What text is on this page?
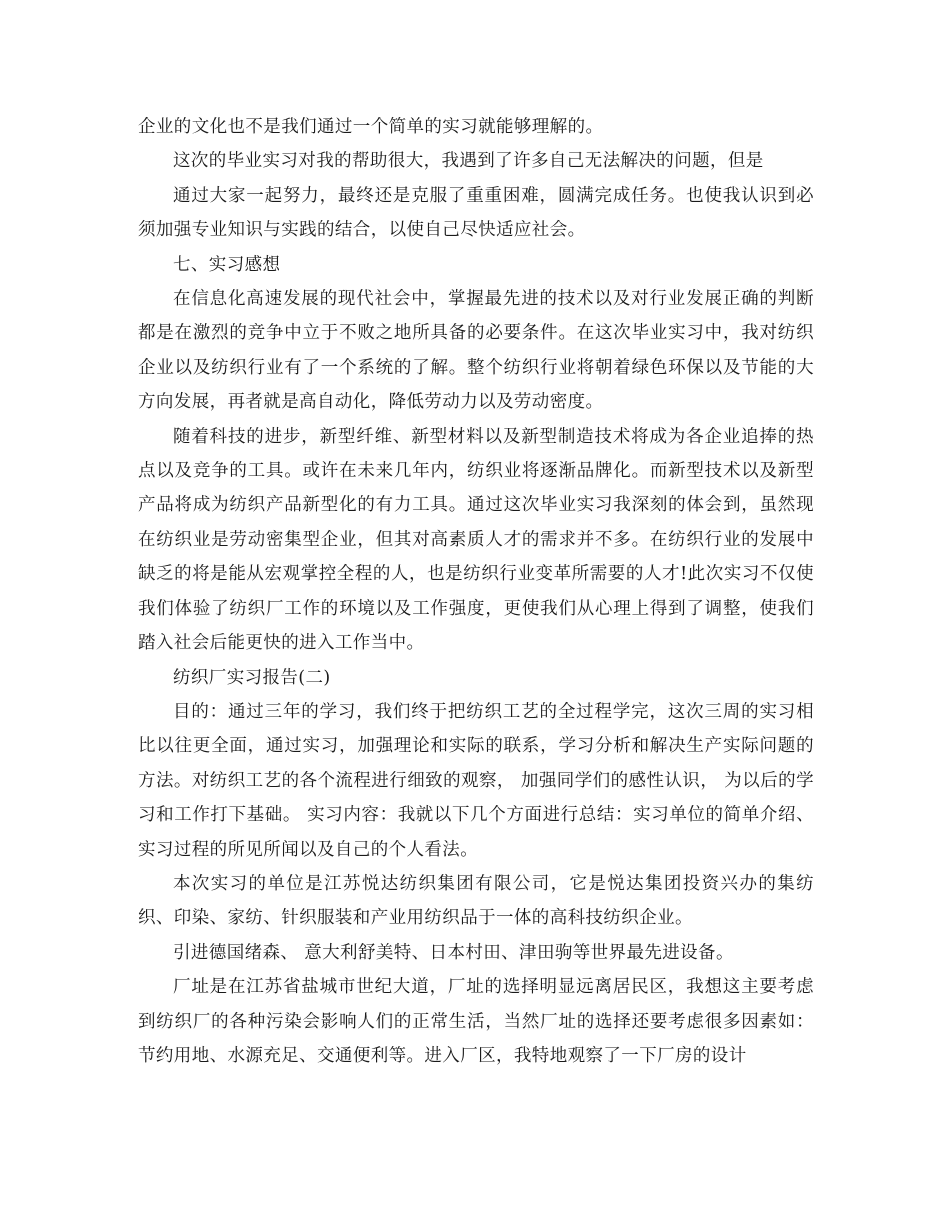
企业的文化也不是我们通过一个简单的实习就能够理解的。

这次的毕业实习对我的帮助很大，我遇到了许多自己无法解决的问题，但是

通过大家一起努力，最终还是克服了重重困难，圆满完成任务。也使我认识到必须加强专业知识与实践的结合，以使自己尽快适应社会。

七、实习感想

在信息化高速发展的现代社会中，掌握最先进的技术以及对行业发展正确的判断都是在激烈的竞争中立于不败之地所具备的必要条件。在这次毕业实习中，我对纺织企业以及纺织行业有了一个系统的了解。整个纺织行业将朝着绿色环保以及节能的大方向发展，再者就是高自动化，降低劳动力以及劳动密度。

随着科技的进步，新型纤维、新型材料以及新型制造技术将成为各企业追捧的热点以及竞争的工具。或许在未来几年内，纺织业将逐渐品牌化。而新型技术以及新型产品将成为纺织产品新型化的有力工具。通过这次毕业实习我深刻的体会到，虽然现在纺织业是劳动密集型企业，但其对高素质人才的需求并不多。在纺织行业的发展中缺乏的将是能从宏观掌控全程的人，也是纺织行业变革所需要的人才!此次实习不仅使我们体验了纺织厂工作的环境以及工作强度，更使我们从心理上得到了调整，使我们踏入社会后能更快的进入工作当中。

纺织厂实习报告(二)

目的：通过三年的学习，我们终于把纺织工艺的全过程学完，这次三周的实习相比以往更全面，通过实习，加强理论和实际的联系，学习分析和解决生产实际问题的方法。对纺织工艺的各个流程进行细致的观察， 加强同学们的感性认识， 为以后的学习和工作打下基础。 实习内容：我就以下几个方面进行总结：实习单位的简单介绍、实习过程的所见所闻以及自己的个人看法。

本次实习的单位是江苏悦达纺织集团有限公司，它是悦达集团投资兴办的集纺织、印染、家纺、针织服装和产业用纺织品于一体的高科技纺织企业。

引进德国绪森、 意大利舒美特、日本村田、津田驹等世界最先进设备。

厂址是在江苏省盐城市世纪大道，厂址的选择明显远离居民区，我想这主要考虑到纺织厂的各种污染会影响人们的正常生活，当然厂址的选择还要考虑很多因素如：节约用地、水源充足、交通便利等。进入厂区，我特地观察了一下厂房的设计
